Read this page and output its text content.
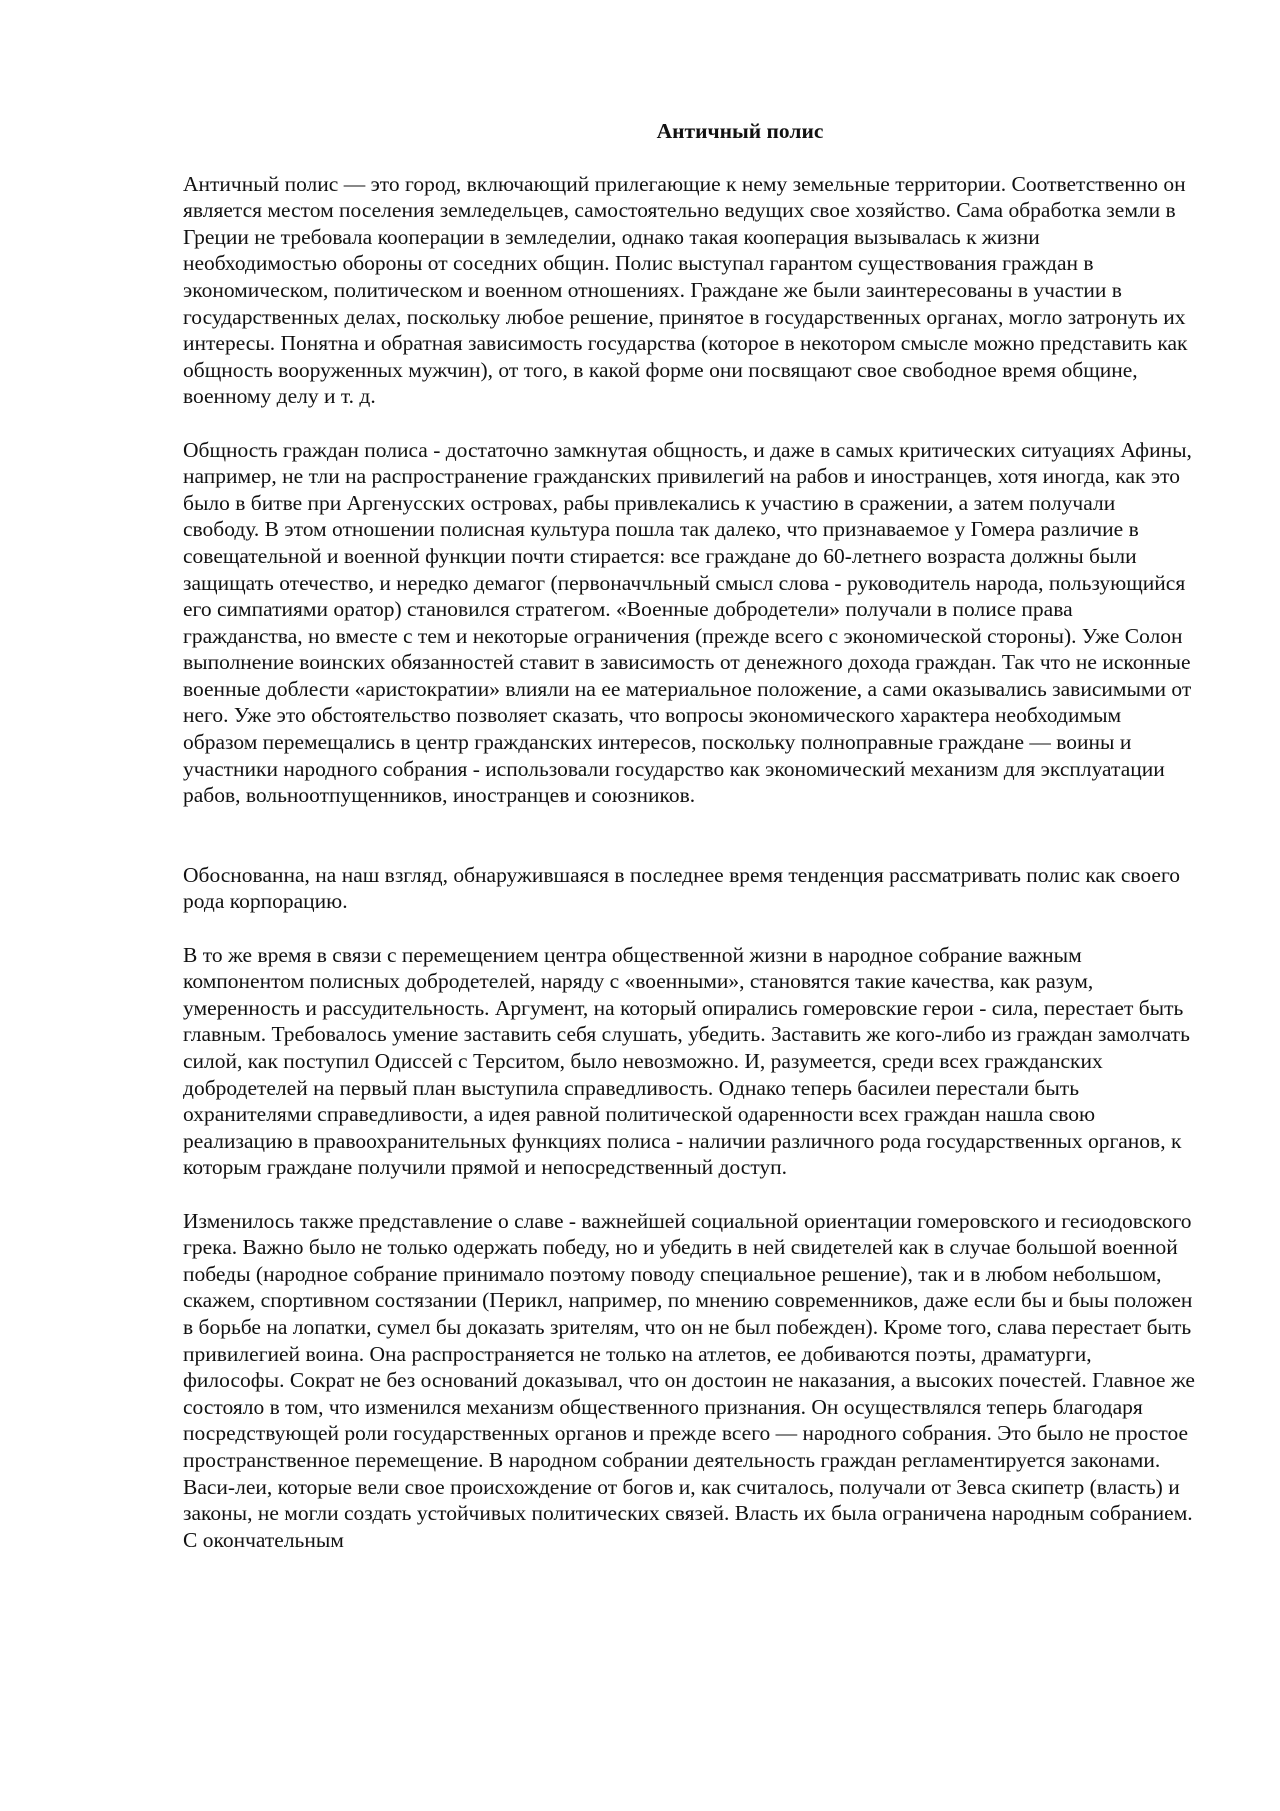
Античный полис
Античный полис — это город, включающий прилегающие к нему земельные территории. Соответственно он является местом поселения земледельцев, самостоятельно ведущих свое хозяйство. Сама обработка земли в Греции не требовала кооперации в земледелии, однако такая кооперация вызывалась к жизни необходимостью обороны от соседних общин. Полис выступал гарантом существования граждан в экономическом, политическом и военном отношениях. Граждане же были заинтересованы в участии в государственных делах, поскольку любое решение, принятое в государственных органах, могло затронуть их интересы. Понятна и обратная зависимость государства (которое в некотором смысле можно представить как общность вооруженных мужчин), от того, в какой форме они посвящают свое свободное время общине, военному делу и т. д.
Общность граждан полиса - достаточно замкнутая общность, и даже в самых критических ситуациях Афины, например, не тли на распространение гражданских привилегий на рабов и иностранцев, хотя иногда, как это было в битве при Аргенусских островах, рабы привлекались к участию в сражении, а затем получали свободу. В этом отношении полисная культура пошла так далеко, что признаваемое у Гомера различие в совещательной и военной функции почти стирается: все граждане до 60-летнего возраста должны были защищать отечество, и нередко демагог (первоначчльный смысл слова - руководитель народа, пользующийся его симпатиями оратор) становился стратегом. «Военные добродетели» получали в полисе права гражданства, но вместе с тем и некоторые ограничения (прежде всего с экономической стороны). Уже Солон выполнение воинских обязанностей ставит в зависимость от денежного дохода граждан. Так что не исконные военные доблести «аристократии» влияли на ее материальное положение, а сами оказывались зависимыми от него. Уже это обстоятельство позволяет сказать, что вопросы экономического характера необходимым образом перемещались в центр гражданских интересов, поскольку полноправные граждане — воины и участники народного собрания - использовали государство как экономический механизм для эксплуатации рабов, вольноотпущенников, иностранцев и союзников.
Обоснованна, на наш взгляд, обнаружившаяся в последнее время тенденция рассматривать полис как своего рода корпорацию.
В то же время в связи с перемещением центра общественной жизни в народное собрание важным компонентом полисных добродетелей, наряду с «военными», становятся такие качества, как разум, умеренность и рассудительность. Аргумент, на который опирались гомеровские герои - сила, перестает быть главным. Требовалось умение заставить себя слушать, убедить. Заставить же кого-либо из граждан замолчать силой, как поступил Одиссей с Терситом, было невозможно. И, разумеется, среди всех гражданских добродетелей на первый план выступила справедливость. Однако теперь басилеи перестали быть охранителями справедливости, а идея равной политической одаренности всех граждан нашла свою реализацию в правоохранительных функциях полиса - наличии различного рода государственных органов, к которым граждане получили прямой и непосредственный доступ.
Изменилось также представление о славе - важнейшей социальной ориентации гомеровского и гесиодовского грека. Важно было не только одержать победу, но и убедить в ней свидетелей как в случае большой военной победы (народное собрание принимало поэтому поводу специальное решение), так и в любом небольшом, скажем, спортивном состязании (Перикл, например, по мнению современников, даже если бы и быы положен в борьбе на лопатки, сумел бы доказать зрителям, что он не был побежден). Кроме того, слава перестает быть привилегией воина. Она распространяется не только на атлетов, ее добиваются поэты, драматурги, философы. Сократ не без оснований доказывал, что он достоин не наказания, а высоких почестей. Главное же состояло в том, что изменился механизм общественного признания. Он осуществлялся теперь благодаря посредствующей роли государственных органов и прежде всего — народного собрания. Это было не простое пространственное перемещение. В народном собрании деятельность граждан регламентируется законами. Васи-леи, которые вели свое происхождение от богов и, как считалось, получали от Зевса скипетр (власть) и законы, не могли создать устойчивых политических связей. Власть их была ограничена народным собранием. С окончательным
